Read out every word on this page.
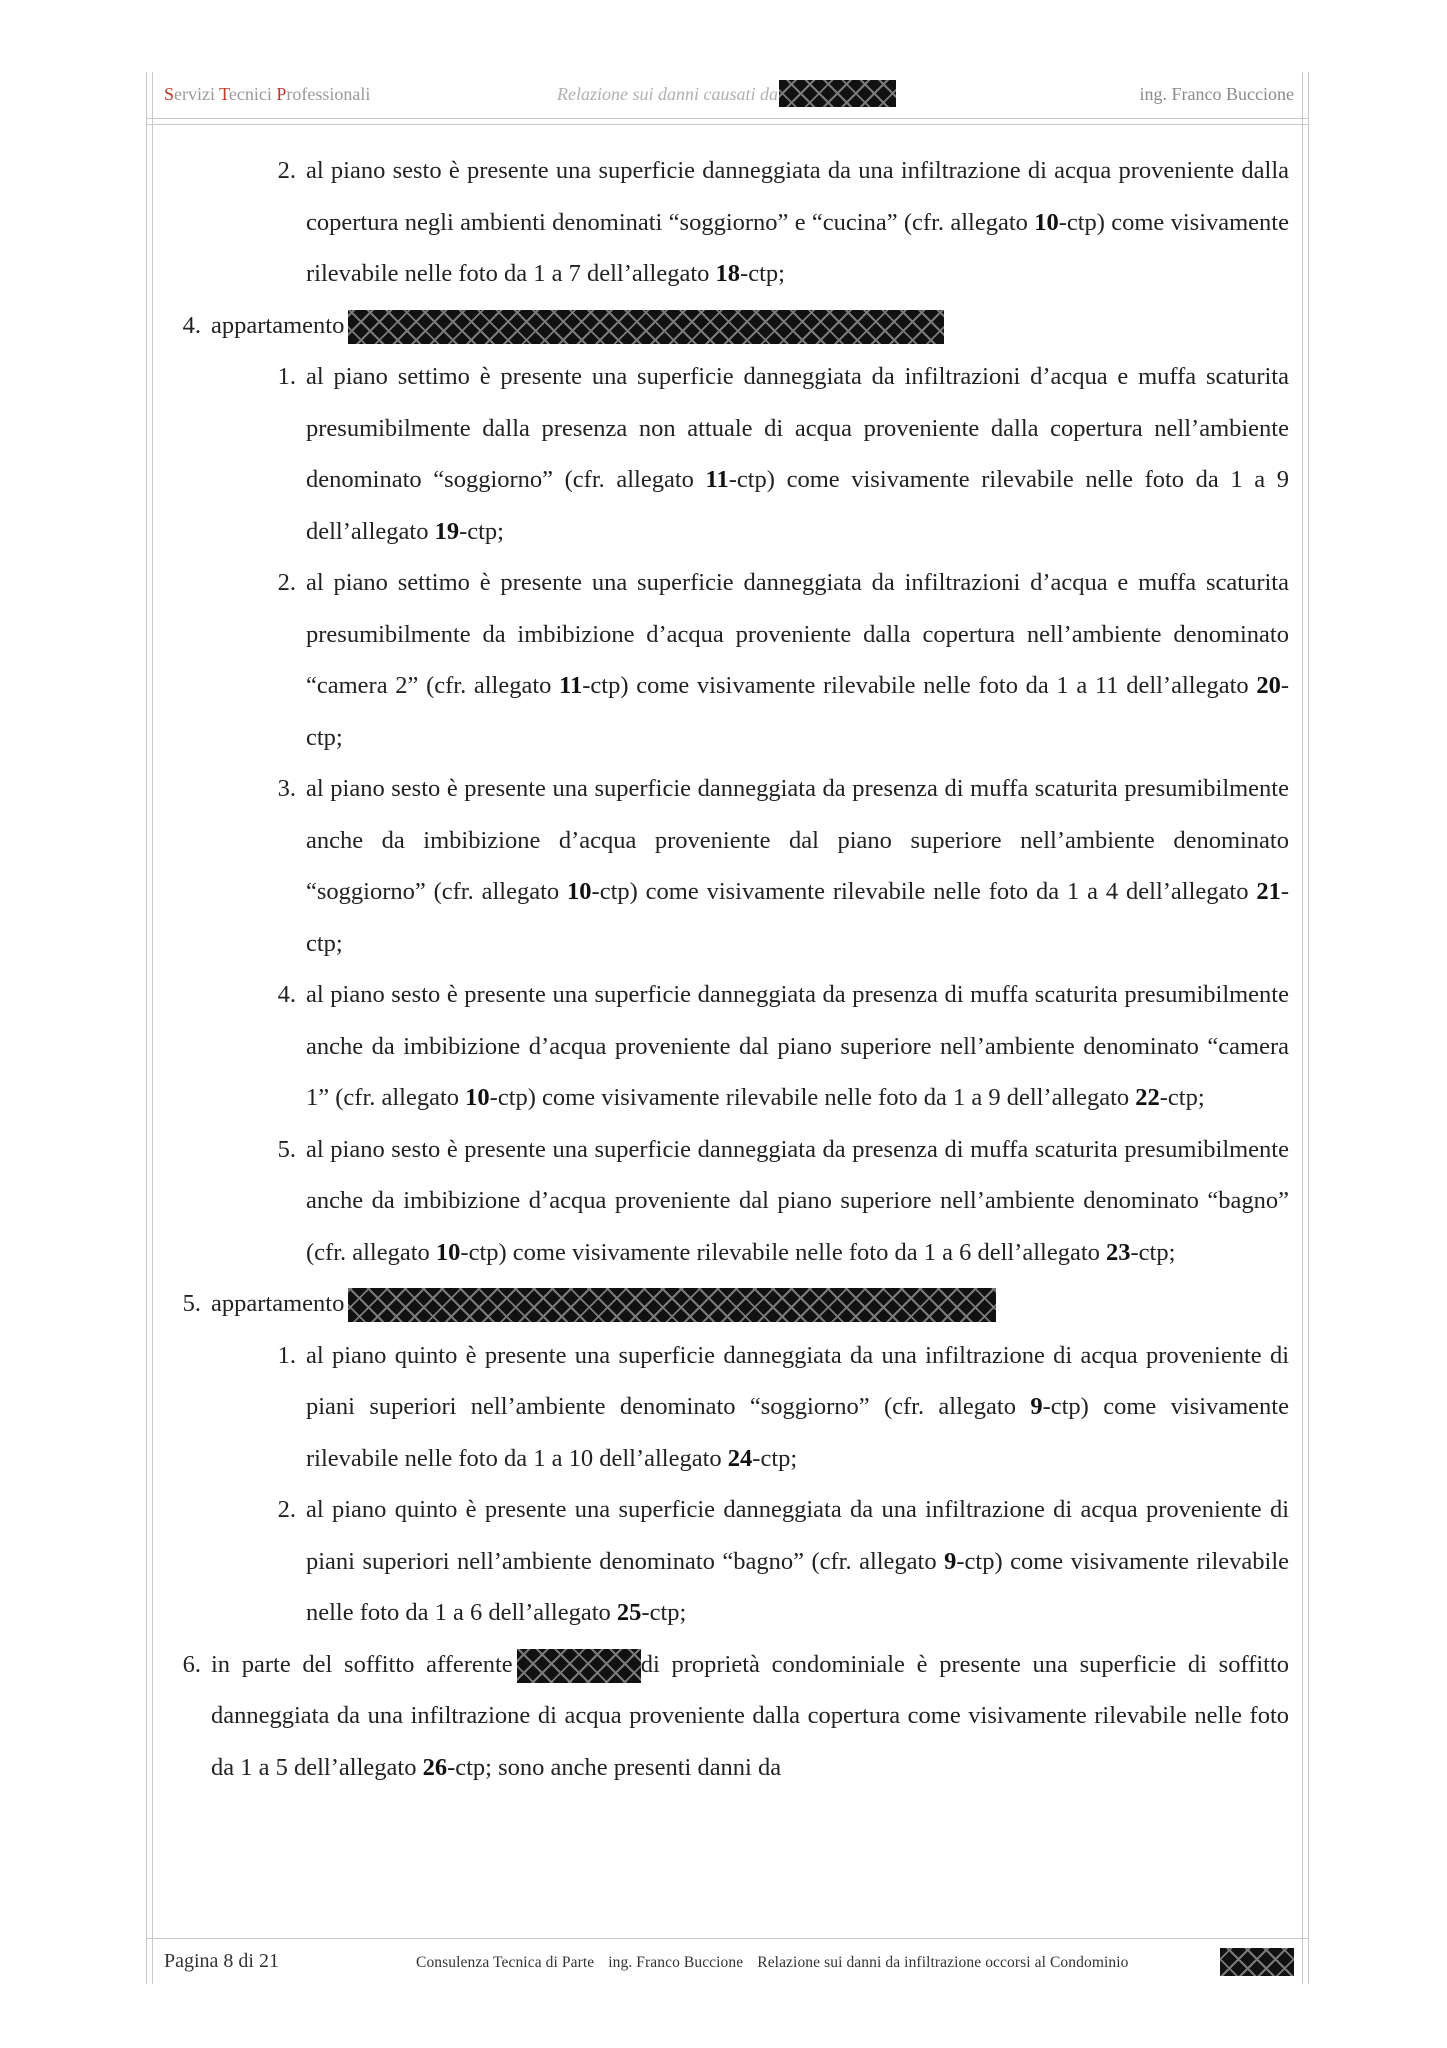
Servizi Tecnici Professionali	Relazione sui danni causati da	ing. Franco Buccione
2. al piano sesto è presente una superficie danneggiata da una infiltrazione di acqua proveniente dalla copertura negli ambienti denominati “soggiorno” e “cucina” (cfr. allegato 10-ctp) come visivamente rilevabile nelle foto da 1 a 7 dell’allegato 18-ctp;
4. appartamento
1. al piano settimo è presente una superficie danneggiata da infiltrazioni d’acqua e muffa scaturita presumibilmente dalla presenza non attuale di acqua proveniente dalla copertura nell’ambiente denominato “soggiorno” (cfr. allegato 11-ctp) come visivamente rilevabile nelle foto da 1 a 9 dell’allegato 19-ctp;
2. al piano settimo è presente una superficie danneggiata da infiltrazioni d’acqua e muffa scaturita presumibilmente da imbibizione d’acqua proveniente dalla copertura nell’ambiente denominato “camera 2” (cfr. allegato 11-ctp) come visivamente rilevabile nelle foto da 1 a 11 dell’allegato 20-ctp;
3. al piano sesto è presente una superficie danneggiata da presenza di muffa scaturita presumibilmente anche da imbibizione d’acqua proveniente dal piano superiore nell’ambiente denominato “soggiorno” (cfr. allegato 10-ctp) come visivamente rilevabile nelle foto da 1 a 4 dell’allegato 21-ctp;
4. al piano sesto è presente una superficie danneggiata da presenza di muffa scaturita presumibilmente anche da imbibizione d’acqua proveniente dal piano superiore nell’ambiente denominato “camera 1” (cfr. allegato 10-ctp) come visivamente rilevabile nelle foto da 1 a 9 dell’allegato 22-ctp;
5. al piano sesto è presente una superficie danneggiata da presenza di muffa scaturita presumibilmente anche da imbibizione d’acqua proveniente dal piano superiore nell’ambiente denominato “bagno” (cfr. allegato 10-ctp) come visivamente rilevabile nelle foto da 1 a 6 dell’allegato 23-ctp;
5. appartamento
1. al piano quinto è presente una superficie danneggiata da una infiltrazione di acqua proveniente di piani superiori nell’ambiente denominato “soggiorno” (cfr. allegato 9-ctp) come visivamente rilevabile nelle foto da 1 a 10 dell’allegato 24-ctp;
2. al piano quinto è presente una superficie danneggiata da una infiltrazione di acqua proveniente di piani superiori nell’ambiente denominato “bagno” (cfr. allegato 9-ctp) come visivamente rilevabile nelle foto da 1 a 6 dell’allegato 25-ctp;
6. in parte del soffitto afferente	di proprietà condominiale è presente una superficie di soffitto danneggiata da una infiltrazione di acqua proveniente dalla copertura come visivamente rilevabile nelle foto da 1 a 5 dell’allegato 26-ctp; sono anche presenti danni da
Pagina 8 di 21	Consulenza Tecnica di Parte ing. Franco Buccione Relazione sui danni da infiltrazione occorsi al Condominio
